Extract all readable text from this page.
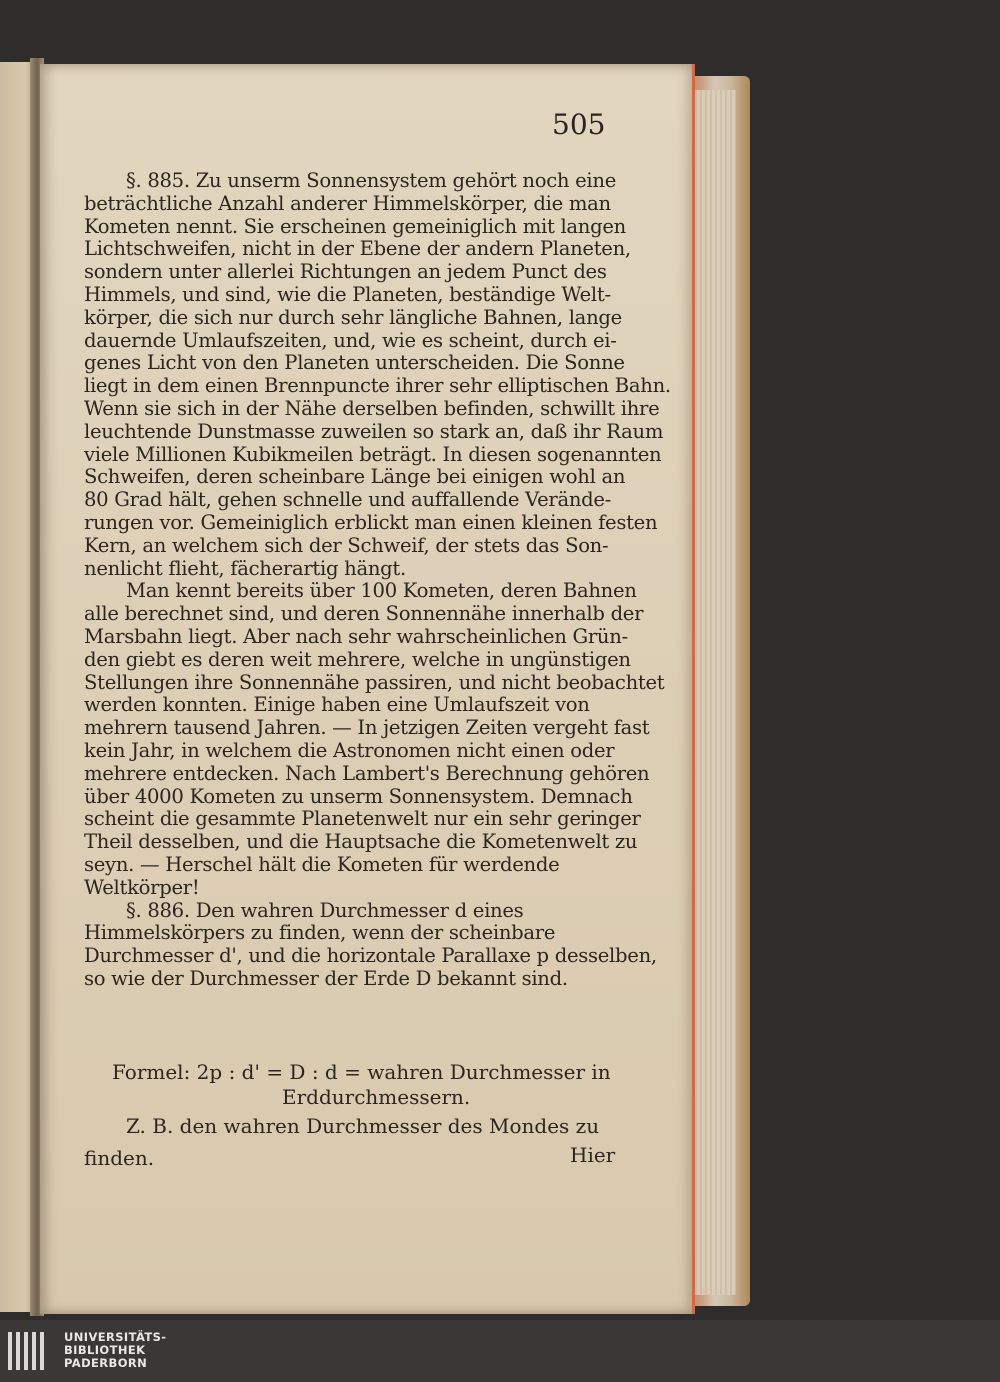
505

§. 885. Zu unserm Sonnensystem gehört noch eine
beträchtliche Anzahl anderer Himmelskörper, die man
Kometen nennt. Sie erscheinen gemeiniglich mit langen
Lichtschweifen, nicht in der Ebene der andern Planeten,
sondern unter allerlei Richtungen an jedem Punct des
Himmels, und sind, wie die Planeten, beständige Welt-
körper, die sich nur durch sehr längliche Bahnen, lange
dauernde Umlaufszeiten, und, wie es scheint, durch ei-
genes Licht von den Planeten unterscheiden. Die Sonne
liegt in dem einen Brennpuncte ihrer sehr elliptischen Bahn.
Wenn sie sich in der Nähe derselben befinden, schwillt ihre
leuchtende Dunstmasse zuweilen so stark an, daß ihr Raum
viele Millionen Kubikmeilen beträgt. In diesen sogenannten
Schweifen, deren scheinbare Länge bei einigen wohl an
80 Grad hält, gehen schnelle und auffallende Verände-
rungen vor. Gemeiniglich erblickt man einen kleinen festen
Kern, an welchem sich der Schweif, der stets das Son-
nenlicht flieht, fächerartig hängt.

Man kennt bereits über 100 Kometen, deren Bahnen
alle berechnet sind, und deren Sonnennähe innerhalb der
Marsbahn liegt. Aber nach sehr wahrscheinlichen Grün-
den giebt es deren weit mehrere, welche in ungünstigen
Stellungen ihre Sonnennähe passiren, und nicht beobachtet
werden konnten. Einige haben eine Umlaufszeit von
mehrern tausend Jahren. — In jetzigen Zeiten vergeht fast
kein Jahr, in welchem die Astronomen nicht einen oder
mehrere entdecken. Nach Lambert's Berechnung gehören
über 4000 Kometen zu unserm Sonnensystem. Demnach
scheint die gesammte Planetenwelt nur ein sehr geringer
Theil desselben, und die Hauptsache die Kometenwelt zu
seyn. — Herschel hält die Kometen für werdende
Weltkörper!

§. 886. Den wahren Durchmesser d eines
Himmelskörpers zu finden, wenn der scheinbare
Durchmesser d', und die horizontale Parallaxe p desselben,
so wie der Durchmesser der Erde D bekannt sind.

Formel: 2p : d' = D : d = wahren Durchmesser in
Erddurchmessern.
Z. B. den wahren Durchmesser des Mondes zu
finden.	Hier
UNIVERSITÄTS-
BIBLIOTHEK
PADERBORN
